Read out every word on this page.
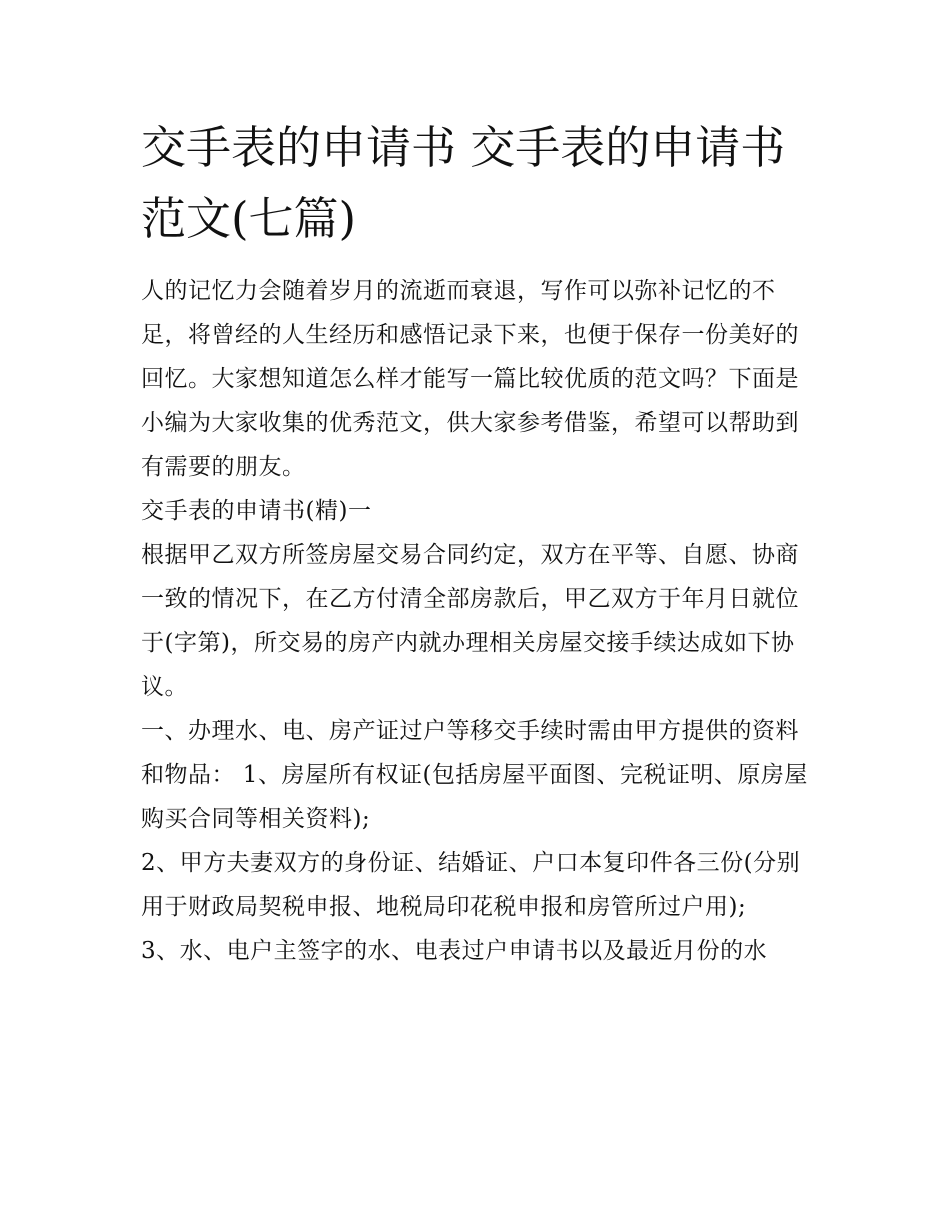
交手表的申请书 交手表的申请书范文(七篇)

人的记忆力会随着岁月的流逝而衰退，写作可以弥补记忆的不足，将曾经的人生经历和感悟记录下来，也便于保存一份美好的回忆。大家想知道怎么样才能写一篇比较优质的范文吗？下面是小编为大家收集的优秀范文，供大家参考借鉴，希望可以帮助到有需要的朋友。

交手表的申请书(精)一

根据甲乙双方所签房屋交易合同约定，双方在平等、自愿、协商一致的情况下，在乙方付清全部房款后，甲乙双方于年月日就位于(字第)，所交易的房产内就办理相关房屋交接手续达成如下协议。

一、办理水、电、房产证过户等移交手续时需由甲方提供的资料和物品： 1、房屋所有权证(包括房屋平面图、完税证明、原房屋购买合同等相关资料);

2、甲方夫妻双方的身份证、结婚证、户口本复印件各三份(分别用于财政局契税申报、地税局印花税申报和房管所过户用);

3、水、电户主签字的水、电表过户申请书以及最近月份的水
